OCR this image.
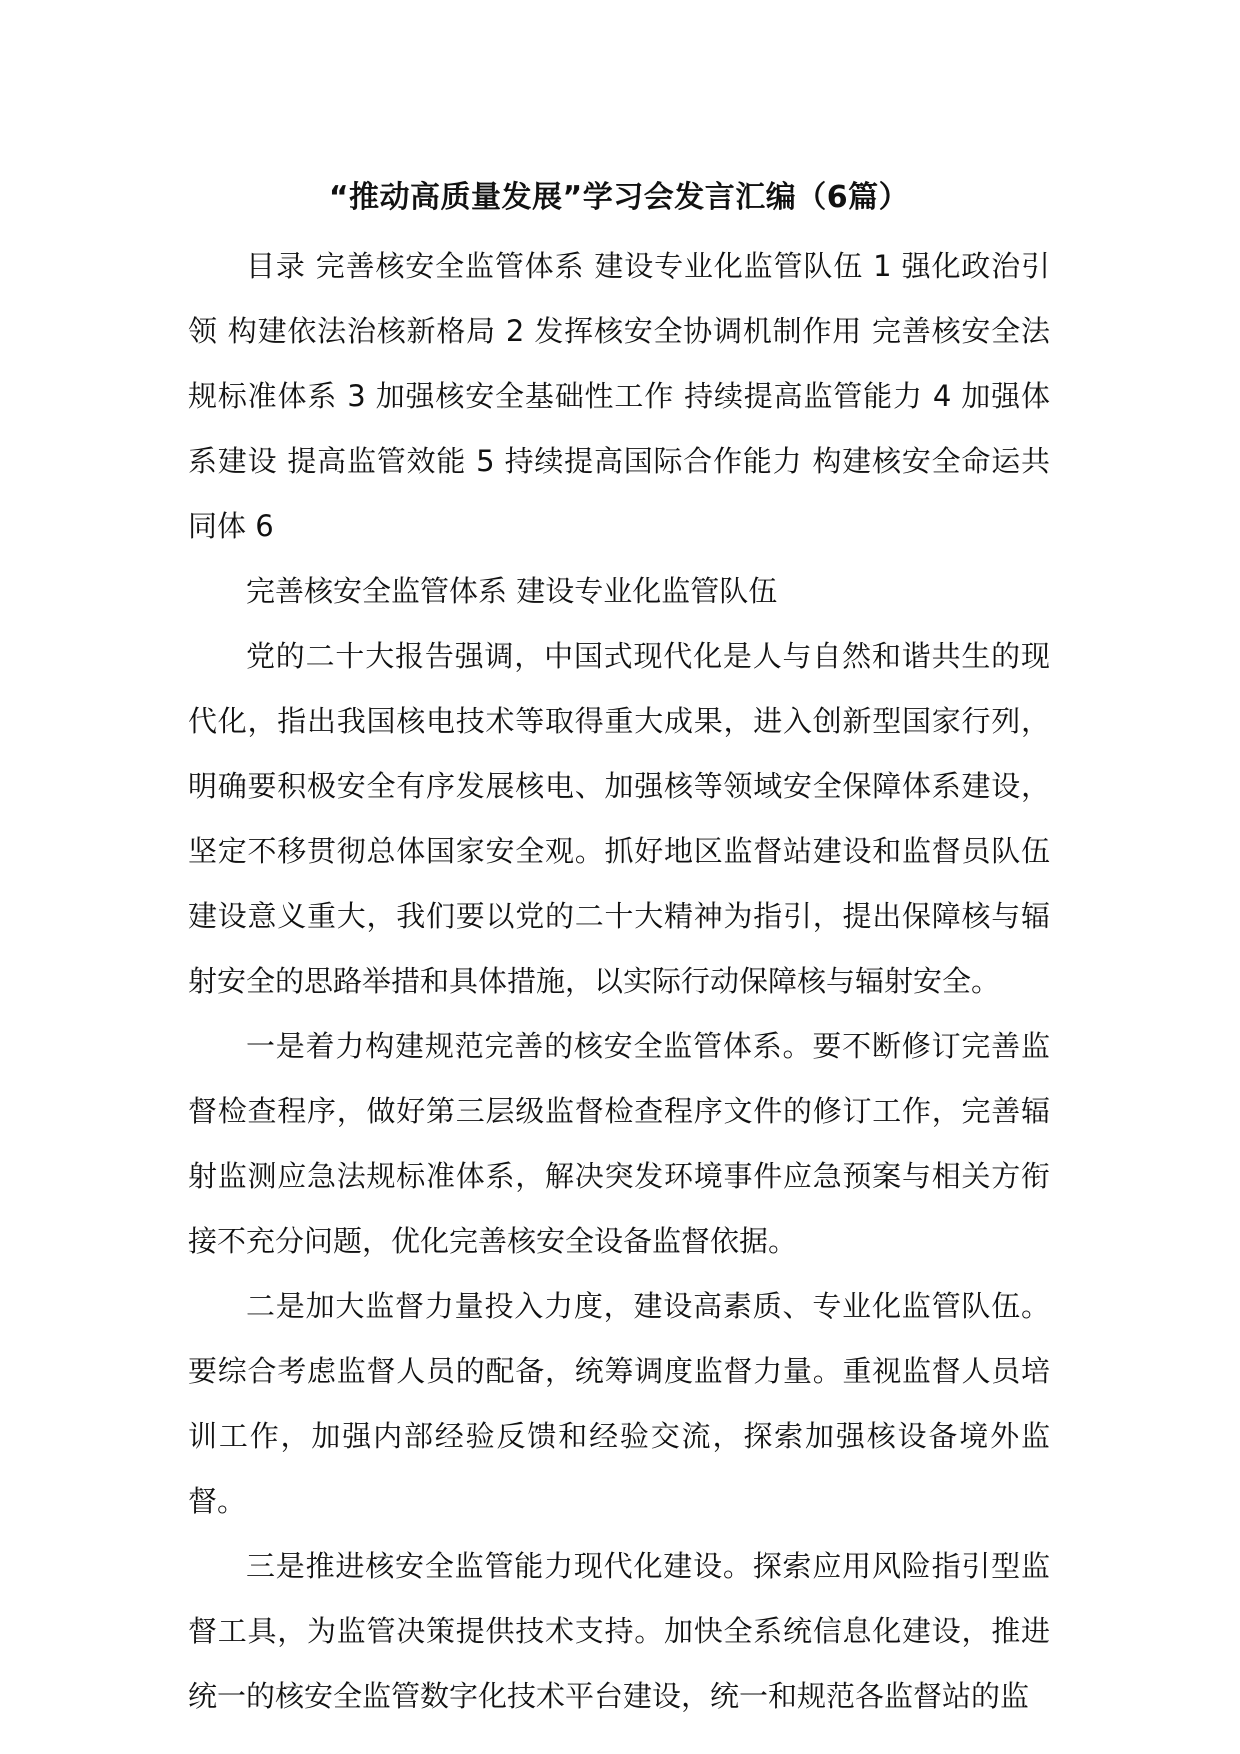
“推动高质量发展”学习会发言汇编（6篇）

目录 完善核安全监管体系 建设专业化监管队伍 1 强化政治引领 构建依法治核新格局 2 发挥核安全协调机制作用 完善核安全法规标准体系 3 加强核安全基础性工作 持续提高监管能力 4 加强体系建设 提高监管效能 5 持续提高国际合作能力 构建核安全命运共同体 6

完善核安全监管体系 建设专业化监管队伍

党的二十大报告强调，中国式现代化是人与自然和谐共生的现代化，指出我国核电技术等取得重大成果，进入创新型国家行列，明确要积极安全有序发展核电、加强核等领域安全保障体系建设，坚定不移贯彻总体国家安全观。抓好地区监督站建设和监督员队伍建设意义重大，我们要以党的二十大精神为指引，提出保障核与辐射安全的思路举措和具体措施，以实际行动保障核与辐射安全。

一是着力构建规范完善的核安全监管体系。要不断修订完善监督检查程序，做好第三层级监督检查程序文件的修订工作，完善辐射监测应急法规标准体系，解决突发环境事件应急预案与相关方衔接不充分问题，优化完善核安全设备监督依据。

二是加大监督力量投入力度，建设高素质、专业化监管队伍。要综合考虑监督人员的配备，统筹调度监督力量。重视监督人员培训工作，加强内部经验反馈和经验交流，探索加强核设备境外监督。

三是推进核安全监管能力现代化建设。探索应用风险指引型监督工具，为监管决策提供技术支持。加快全系统信息化建设，推进统一的核安全监管数字化技术平台建设，统一和规范各监督站的监
